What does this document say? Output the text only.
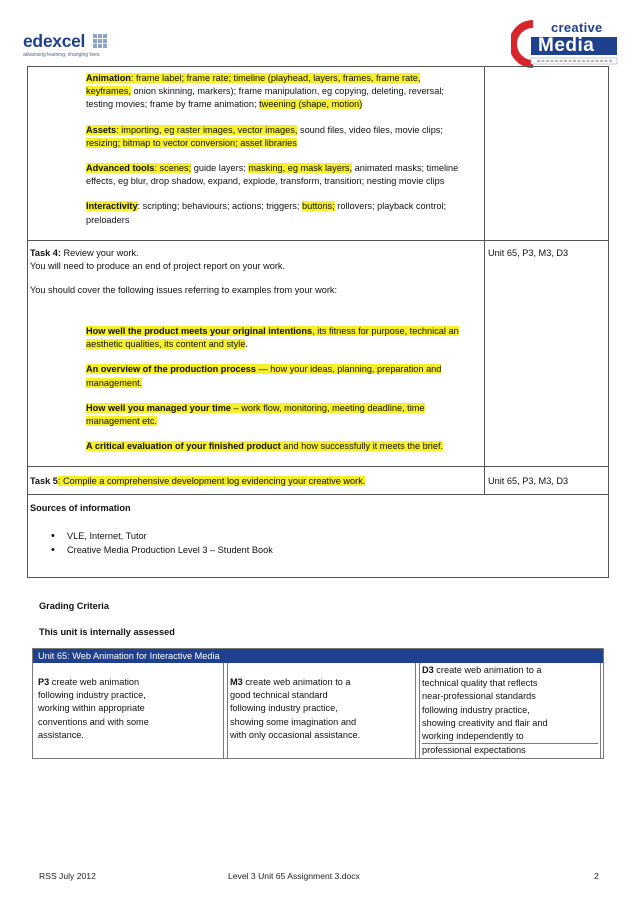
edexcel
advancing learning, changing lives
creative
Media

Animation: frame label; frame rate; timeline (playhead, layers, frames, frame rate,
keyframes, onion skinning, markers); frame manipulation, eg copying, deleting, reversal;
testing movies; frame by frame animation; tweening (shape, motion)

Assets: importing, eg raster images, vector images, sound files, video files, movie clips;
resizing; bitmap to vector conversion; asset libraries

Advanced tools: scenes; guide layers; masking, eg mask layers, animated masks; timeline
effects, eg blur, drop shadow, expand, explode, transform, transition; nesting movie clips

Interactivity: scripting; behaviours; actions; triggers; buttons; rollovers; playback control;
preloaders

Task 4: Review your work.

You will need to produce an end of project report on your work.

You should cover the following issues referring to examples from your work:

How well the product meets your original intentions, its fitness for purpose, technical an
aesthetic qualities, its content and style.

An overview of the production process — how your ideas, planning, preparation and
management.

How well you managed your time – work flow, monitoring, meeting deadline, time
management etc.

A critical evaluation of your finished product and how successfully it meets the brief.

Unit 65, P3, M3, D3
Task 5: Compile a comprehensive development log evidencing your creative work.	Unit 65, P3, M3, D3
Sources of information
• VLE, Internet, Tutor
• Creative Media Production Level 3 – Student Book
Grading Criteria
This unit is internally assessed
Unit 65: Web Animation for Interactive Media
P3 create web animation
following industry practice,
working within appropriate
conventions and with some
assistance.
M3 create web animation to a
good technical standard
following industry practice,
showing some imagination and
with only occasional assistance.
D3 create web animation to a
technical quality that reflects
near-professional standards
following industry practice,
showing creativity and flair and
working independently to
professional expectations
RSS July 2012	Level 3 Unit 65 Assignment 3.docx	2
